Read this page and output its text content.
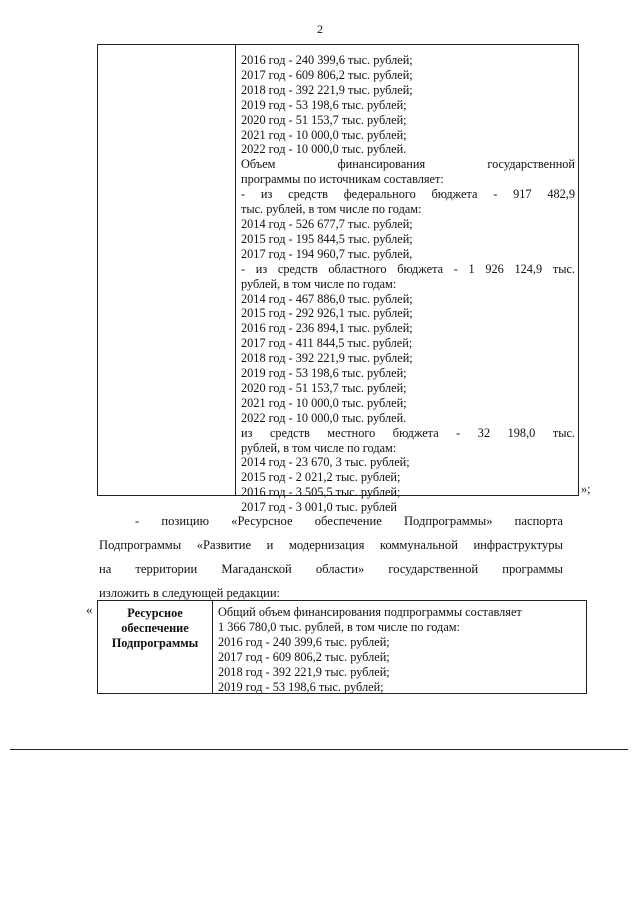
2
2016 год - 240 399,6 тыс. рублей;
2017 год - 609 806,2 тыс. рублей;
2018 год - 392 221,9 тыс. рублей;
2019 год - 53 198,6 тыс. рублей;
2020 год - 51 153,7 тыс. рублей;
2021 год - 10 000,0 тыс. рублей;
2022 год - 10 000,0 тыс. рублей.
Объем финансирования государственной
программы по источникам составляет:
- из средств федерального бюджета - 917 482,9
тыс. рублей, в том числе по годам:
2014 год - 526 677,7 тыс. рублей;
2015 год - 195 844,5 тыс. рублей;
2017 год - 194 960,7 тыс. рублей,
- из средств областного бюджета - 1 926 124,9 тыс.
рублей, в том числе по годам:
2014 год - 467 886,0 тыс. рублей;
2015 год - 292 926,1 тыс. рублей;
2016 год - 236 894,1 тыс. рублей;
2017 год - 411 844,5 тыс. рублей;
2018 год - 392 221,9 тыс. рублей;
2019 год - 53 198,6 тыс. рублей;
2020 год - 51 153,7 тыс. рублей;
2021 год - 10 000,0 тыс. рублей;
2022 год - 10 000,0 тыс. рублей.
из средств местного бюджета - 32 198,0 тыс.
рублей, в том числе по годам:
2014 год - 23 670, 3 тыс. рублей;
2015 год - 2 021,2 тыс. рублей;
2016 год - 3 505,5 тыс. рублей;
2017 год - 3 001,0 тыс. рублей
»;
- позицию «Ресурсное обеспечение Подпрограммы» паспорта
Подпрограммы «Развитие и модернизация коммунальной инфраструктуры
на территории Магаданской области» государственной программы
изложить в следующей редакции:
«	Ресурсное
обеспечение
Подпрограммы
Общий объем финансирования подпрограммы составляет
1 366 780,0 тыс. рублей, в том числе по годам:
2016 год - 240 399,6 тыс. рублей;
2017 год - 609 806,2 тыс. рублей;
2018 год - 392 221,9 тыс. рублей;
2019 год - 53 198,6 тыс. рублей;
